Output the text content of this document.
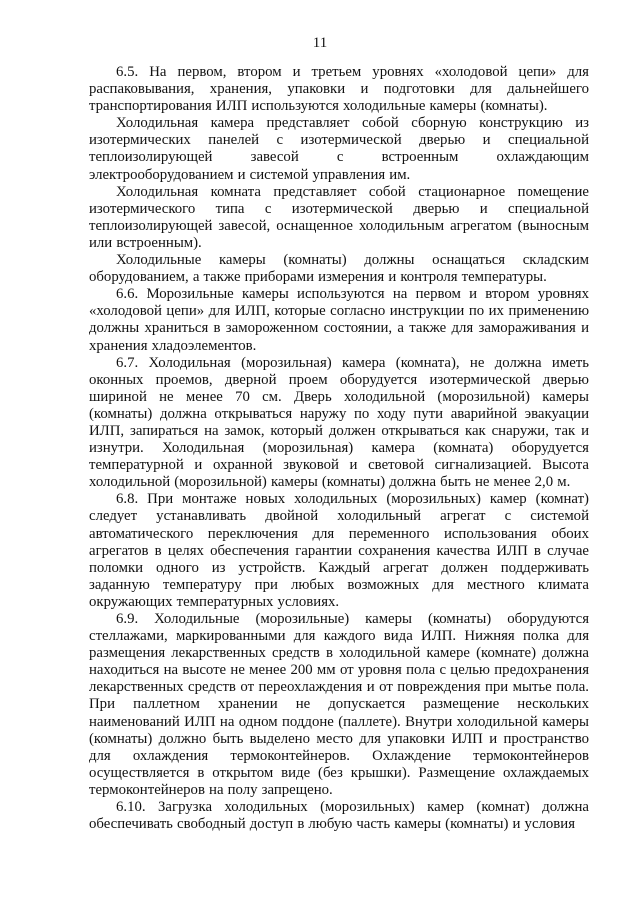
11

6.5. На первом, втором и третьем уровнях «холодовой цепи» для распаковывания, хранения, упаковки и подготовки для дальнейшего транспортирования ИЛП используются холодильные камеры (комнаты).

Холодильная камера представляет собой сборную конструкцию из изотермических панелей с изотермической дверью и специальной теплоизолирующей завесой с встроенным охлаждающим электрооборудованием и системой управления им.

Холодильная комната представляет собой стационарное помещение изотермического типа с изотермической дверью и специальной теплоизолирующей завесой, оснащенное холодильным агрегатом (выносным или встроенным).

Холодильные камеры (комнаты) должны оснащаться складским оборудованием, а также приборами измерения и контроля температуры.

6.6. Морозильные камеры используются на первом и втором уровнях «холодовой цепи» для ИЛП, которые согласно инструкции по их применению должны храниться в замороженном состоянии, а также для замораживания и хранения хладоэлементов.

6.7. Холодильная (морозильная) камера (комната), не должна иметь оконных проемов, дверной проем оборудуется изотермической дверью шириной не менее 70 см. Дверь холодильной (морозильной) камеры (комнаты) должна открываться наружу по ходу пути аварийной эвакуации ИЛП, запираться на замок, который должен открываться как снаружи, так и изнутри. Холодильная (морозильная) камера (комната) оборудуется температурной и охранной звуковой и световой сигнализацией. Высота холодильной (морозильной) камеры (комнаты) должна быть не менее 2,0 м.

6.8. При монтаже новых холодильных (морозильных) камер (комнат) следует устанавливать двойной холодильный агрегат с системой автоматического переключения для переменного использования обоих агрегатов в целях обеспечения гарантии сохранения качества ИЛП в случае поломки одного из устройств. Каждый агрегат должен поддерживать заданную температуру при любых возможных для местного климата окружающих температурных условиях.

6.9. Холодильные (морозильные) камеры (комнаты) оборудуются стеллажами, маркированными для каждого вида ИЛП. Нижняя полка для размещения лекарственных средств в холодильной камере (комнате) должна находиться на высоте не менее 200 мм от уровня пола с целью предохранения лекарственных средств от переохлаждения и от повреждения при мытье пола. При паллетном хранении не допускается размещение нескольких наименований ИЛП на одном поддоне (паллете). Внутри холодильной камеры (комнаты) должно быть выделено место для упаковки ИЛП и пространство для охлаждения термоконтейнеров. Охлаждение термоконтейнеров осуществляется в открытом виде (без крышки). Размещение охлаждаемых термоконтейнеров на полу запрещено.

6.10. Загрузка холодильных (морозильных) камер (комнат) должна обеспечивать свободный доступ в любую часть камеры (комнаты) и условия
